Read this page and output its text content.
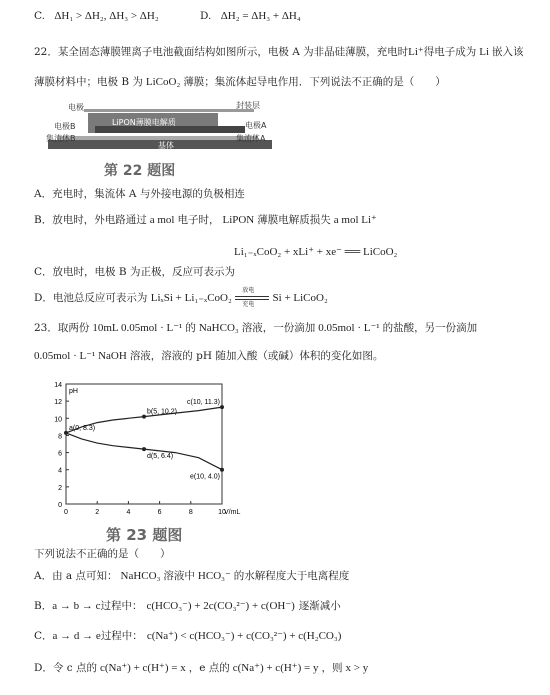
C. ΔH₁ > ΔH₂, ΔH₃ > ΔH₂	D. ΔH₂ = ΔH₃ + ΔH₄
22．某全固态薄膜锂离子电池截面结构如图所示，电极 A 为非晶硅薄膜，充电时Li⁺得电子成为 Li 嵌入该
薄膜材料中；电极 B 为 LiCoO₂ 薄膜；集流体起导电作用．下列说法不正确的是（　　）
电极
电极B
集流体B
封装层
电极A
集流体A
LiPON薄膜电解质
基体
第 22 题图
A．充电时，集流体 A 与外接电源的负极相连
B．放电时，外电路通过 a mol 电子时， LiPON 薄膜电解质损失 a mol Li⁺
Li₁₋ₓCoO₂ + xLi⁺ + xe⁻ ══ LiCoO₂
C．放电时，电极 B 为正极，反应可表示为
D．电池总反应可表示为 LiₓSi + Li₁₋ₓCoO₂
放电
充电
Si + LiCoO₂
23．取两份 10mL 0.05mol · L⁻¹ 的 NaHCO₃ 溶液，一份滴加 0.05mol · L⁻¹ 的盐酸，另一份滴加
0.05mol · L⁻¹ NaOH 溶液，溶液的 pH 随加入酸（或碱）体积的变化如图。
0
2
4
6
8
10
12
14
0	2	4	6	8	10
pH
V/mL
a(0, 8.3)
b(5, 10.2)
c(10, 11.3)
d(5, 6.4)
e(10, 4.0)
第 23 题图
下列说法不正确的是（　　）
A．由 a 点可知： NaHCO₃ 溶液中 HCO₃⁻ 的水解程度大于电离程度
B．a → b → c过程中： c(HCO₃⁻) + 2c(CO₃²⁻) + c(OH⁻) 逐渐减小
C．a → d → e过程中： c(Na⁺) < c(HCO₃⁻) + c(CO₃²⁻) + c(H₂CO₃)
D．令 c 点的 c(Na⁺) + c(H⁺) = x ，e 点的 c(Na⁺) + c(H⁺) = y ，则 x > y
